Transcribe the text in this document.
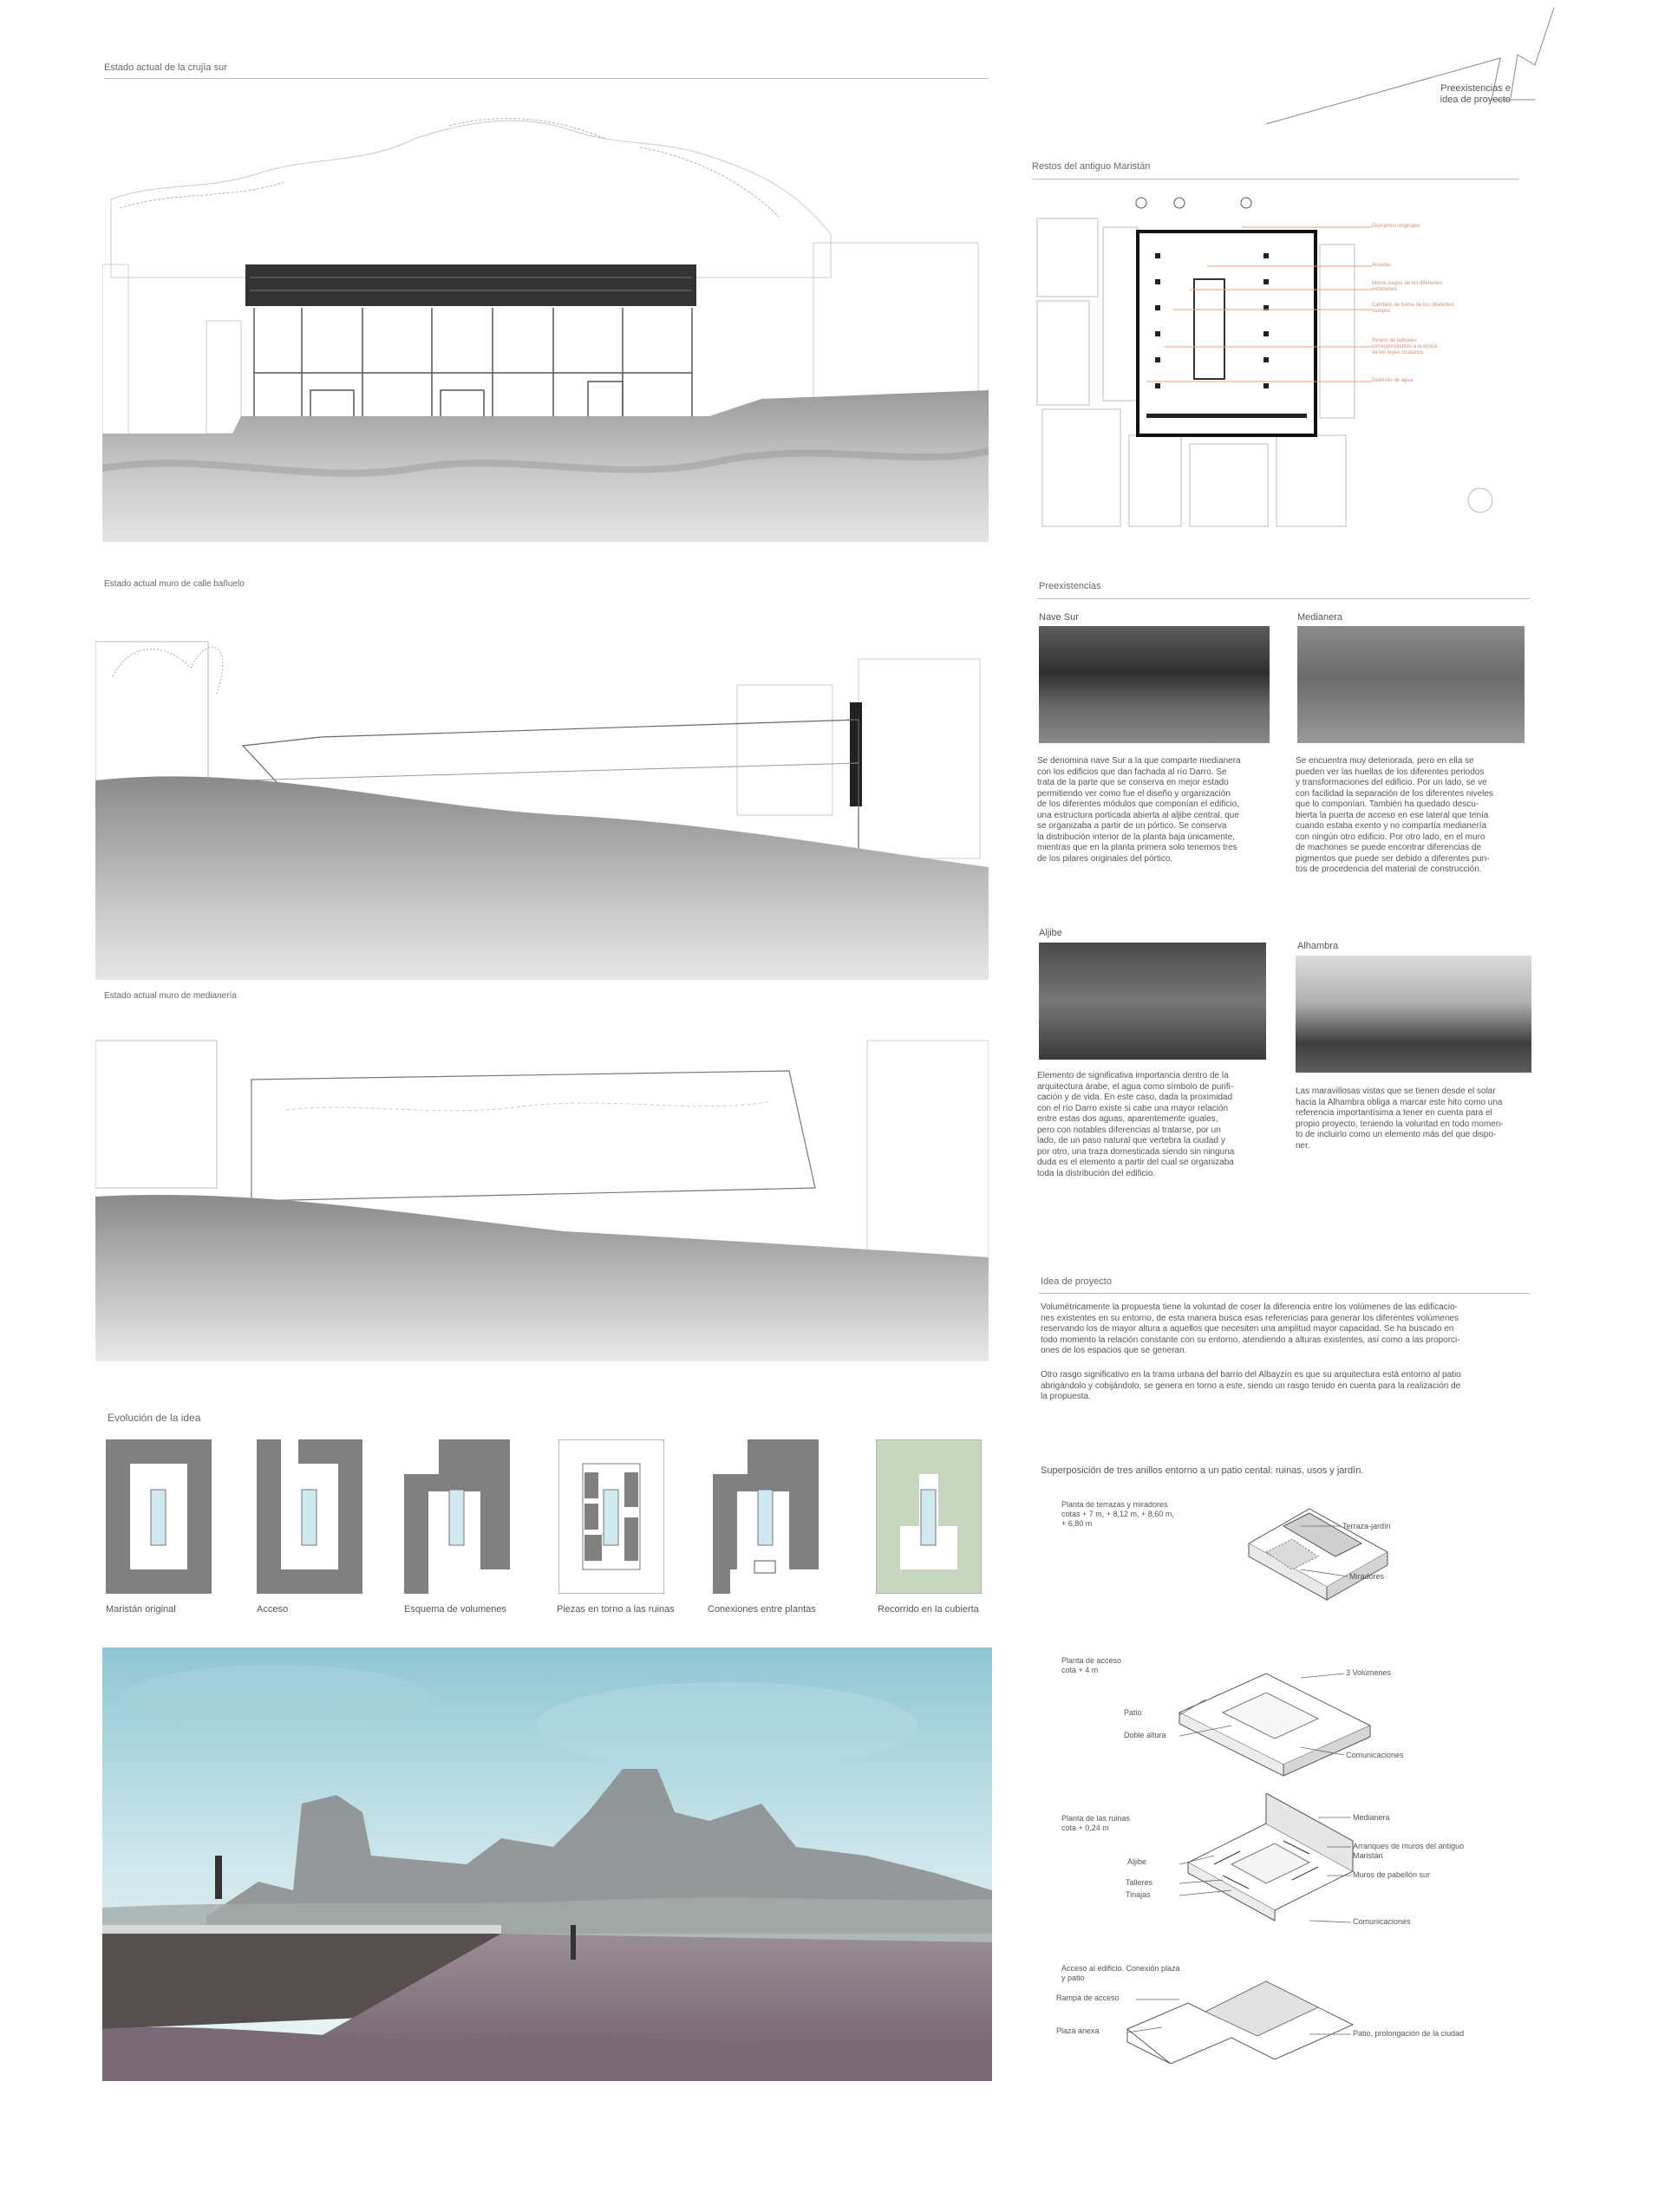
Preexistencias e
idea de proyecto
Estado actual de la crujía sur
Estado actual muro de calle bañuelo
Estado actual muro de medianería
Evolución de la idea
Maristán original	Acceso	Esquema de volumenes	Piezas en torno a las ruinas	Conexiones entre plantas	Recorrido en la cubierta
Restos del antiguo Maristán
Elementos originales
Arcadas
Muros ciegos de los diferentes
volúmenes
Cambios de forma de los diferentes
cuerpos
Restos de tabiques
correspondientes a la época
de los reyes cristianos
Depósito de agua
Preexistencias
Nave Sur
Se denomina nave Sur a la que comparte medianera
con los edificios que dan fachada al río Darro. Se
trata de la parte que se conserva en mejor estado
permitiendo ver como fue el diseño y organización
de los diferentes módulos que componían el edificio,
una estructura porticada abierta al aljibe central, que
se organizaba a partir de un pórtico. Se conserva
la distribución interior de la planta baja únicamente,
mientras que en la planta primera solo tenemos tres
de los pilares originales del pórtico.
Medianera
Se encuentra muy deteriorada, pero en ella se
pueden ver las huellas de los diferentes periodos
y transformaciones del edificio. Por un lado, se ve
con facilidad la separación de los diferentes niveles
que lo componían. También ha quedado descu-
bierta la puerta de acceso en ese lateral que tenía
cuando estaba exento y no compartía medianería
con ningún otro edificio. Por otro lado, en el muro
de machones se puede encontrar diferencias de
pigmentos que puede ser debido a diferentes pun-
tos de procedencia del material de construcción.
Aljibe
Elemento de significativa importancia dentro de la
arquitectura árabe, el agua como símbolo de purifi-
cación y de vida. En este caso, dada la proximidad
con el río Darro existe si cabe una mayor relación
entre estas dos aguas, aparentemente iguales,
pero con notables diferencias al tratarse, por un
lado, de un paso natural que vertebra la ciudad y
por otro, una traza domesticada siendo sin ninguna
duda es el elemento a partir del cual se organizaba
toda la distribución del edificio.
Alhambra
Las maravillosas vistas que se tienen desde el solar
hacia la Alhambra obliga a marcar este hito como una
referencia importantísima a tener en cuenta para el
propio proyecto, teniendo la voluntad en todo momen-
to de incluirlo como un elemento más del que dispo-
ner.
Idea de proyecto
Volumétricamente la propuesta tiene la voluntad de coser la diferencia entre los volúmenes de las edificacio-
nes existentes en su entorno, de esta manera busca esas referencias para generar los diferentes volúmenes
reservando los de mayor altura a aquellos que necesiten una amplitud mayor capacidad. Se ha buscado en
todo momento la relación constante con su entorno, atendiendo a alturas existentes, así como a las proporci-
ones de los espacios que se generan.
Otro rasgo significativo en la trama urbana del barrio del Albayzín es que su arquitectura está entorno al patio
abrigándolo y cobijándolo, se genera en torno a este, siendo un rasgo tenido en cuenta para la realización de
la propuesta.
Superposición de tres anillos entorno a un patio cental: ruinas, usos y jardín.
Planta de terrazas y miradores
cotas + 7 m, + 8,12 m, + 8,60 m,
+ 6,80 m	Terraza-jardín
Miradores
Planta de acceso
cota + 4 m
Patio
Doble altura
3 Volúmenes
Comunicaciones
Planta de las ruinas
cota + 0,24 m
Aljibe
Talleres
Tinajas
Medianera
Arranques de muros del antiguo
Maristán
Muros de pabellón sur
Comunicaciones
Acceso al edificio. Conexión plaza
y patio
Rampa de acceso
Plaza anexa	Patio, prolongación de la ciudad
